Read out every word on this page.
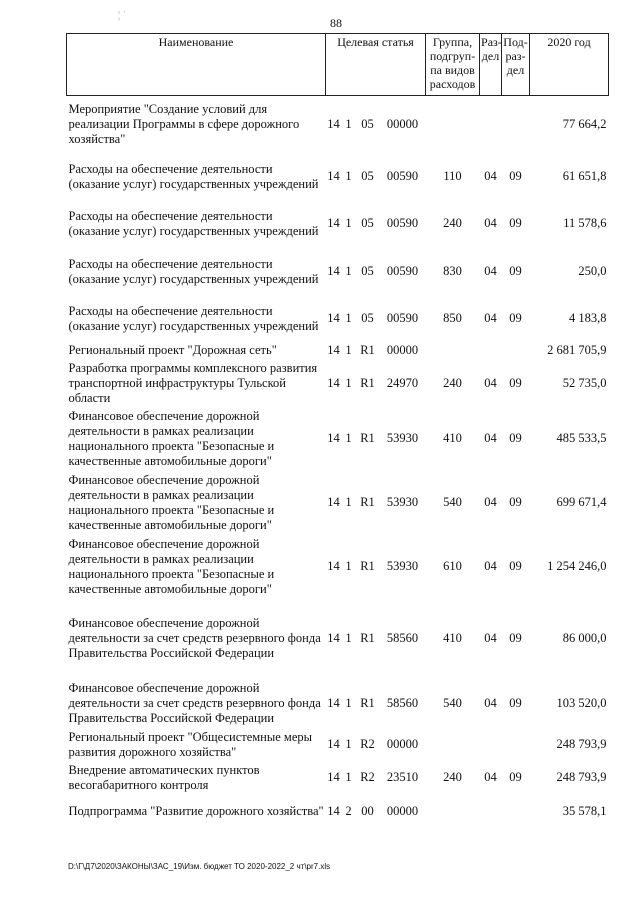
¦ ˈ
88
Наименование	Целевая статья				Группа, подгруп-па видов расходов	Раз-дел	Под-раз-дел	2020 год
Мероприятие "Создание условий для реализации Программы в сфере дорожного хозяйства"	14	1	05	00000				77 664,2
Расходы на обеспечение деятельности (оказание услуг) государственных учреждений	14	1	05	00590	110	04	09	61 651,8
Расходы на обеспечение деятельности (оказание услуг) государственных учреждений	14	1	05	00590	240	04	09	11 578,6
Расходы на обеспечение деятельности (оказание услуг) государственных учреждений	14	1	05	00590	830	04	09	250,0
Расходы на обеспечение деятельности (оказание услуг) государственных учреждений	14	1	05	00590	850	04	09	4 183,8
Региональный проект "Дорожная сеть"	14	1	R1	00000				2 681 705,9
Разработка программы комплексного развития транспортной инфраструктуры Тульской области	14	1	R1	24970	240	04	09	52 735,0
Финансовое обеспечение дорожной деятельности в рамках реализации национального проекта "Безопасные и качественные автомобильные дороги"	14	1	R1	53930	410	04	09	485 533,5
Финансовое обеспечение дорожной деятельности в рамках реализации национального проекта "Безопасные и качественные автомобильные дороги"	14	1	R1	53930	540	04	09	699 671,4
Финансовое обеспечение дорожной деятельности в рамках реализации национального проекта "Безопасные и качественные автомобильные дороги"	14	1	R1	53930	610	04	09	1 254 246,0
Финансовое обеспечение дорожной деятельности за счет средств резервного фонда Правительства Российской Федерации	14	1	R1	58560	410	04	09	86 000,0
Финансовое обеспечение дорожной деятельности за счет средств резервного фонда Правительства Российской Федерации	14	1	R1	58560	540	04	09	103 520,0
Региональный проект "Общесистемные меры развития дорожного хозяйства"	14	1	R2	00000				248 793,9
Внедрение автоматических пунктов весогабаритного контроля	14	1	R2	23510	240	04	09	248 793,9
Подпрограмма "Развитие дорожного хозяйства"	14	2	00	00000				35 578,1
D:\Г\Д7\2020\ЗАКОНЫ\ЗАС_19\Изм. бюджет ТО 2020-2022_2 чт\pr7.xls
